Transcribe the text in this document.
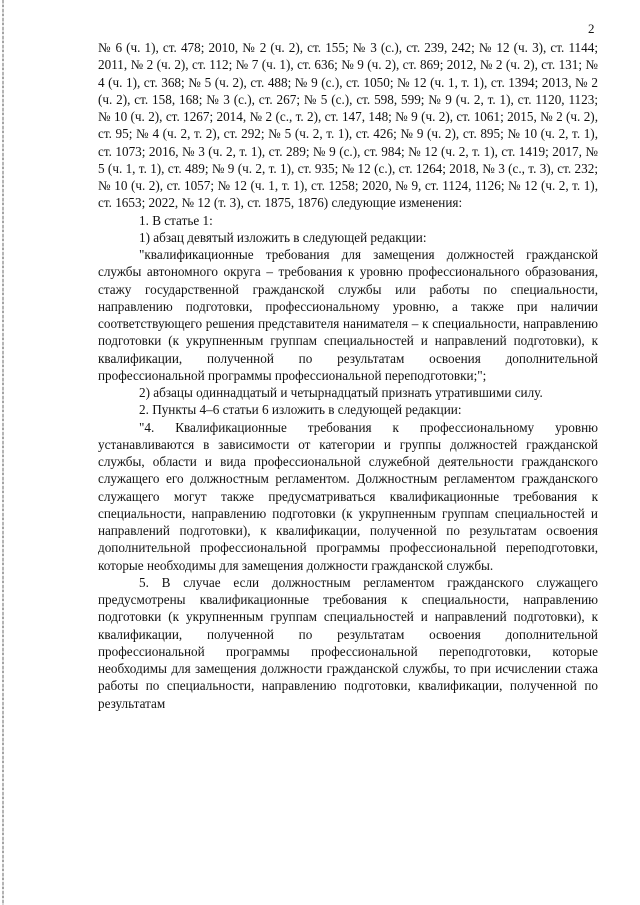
2

№ 6 (ч. 1), ст. 478; 2010, № 2 (ч. 2), ст. 155; № 3 (с.), ст. 239, 242; № 12 (ч. 3), ст. 1144; 2011, № 2 (ч. 2), ст. 112; № 7 (ч. 1), ст. 636; № 9 (ч. 2), ст. 869; 2012, № 2 (ч. 2), ст. 131; № 4 (ч. 1), ст. 368; № 5 (ч. 2), ст. 488; № 9 (с.), ст. 1050; № 12 (ч. 1, т. 1), ст. 1394; 2013, № 2 (ч. 2), ст. 158, 168; № 3 (с.), ст. 267; № 5 (с.), ст. 598, 599; № 9 (ч. 2, т. 1), ст. 1120, 1123; № 10 (ч. 2), ст. 1267; 2014, № 2 (с., т. 2), ст. 147, 148; № 9 (ч. 2), ст. 1061; 2015, № 2 (ч. 2), ст. 95; № 4 (ч. 2, т. 2), ст. 292; № 5 (ч. 2, т. 1), ст. 426; № 9 (ч. 2), ст. 895; № 10 (ч. 2, т. 1), ст. 1073; 2016, № 3 (ч. 2, т. 1), ст. 289; № 9 (с.), ст. 984; № 12 (ч. 2, т. 1), ст. 1419; 2017, № 5 (ч. 1, т. 1), ст. 489; № 9 (ч. 2, т. 1), ст. 935; № 12 (с.), ст. 1264; 2018, № 3 (с., т. 3), ст. 232; № 10 (ч. 2), ст. 1057; № 12 (ч. 1, т. 1), ст. 1258; 2020, № 9, ст. 1124, 1126; № 12 (ч. 2, т. 1), ст. 1653; 2022, № 12 (т. 3), ст. 1875, 1876) следующие изменения:

1. В статье 1:

1) абзац девятый изложить в следующей редакции:

"квалификационные требования для замещения должностей гражданской службы автономного округа – требования к уровню профессионального образования, стажу государственной гражданской службы или работы по специальности, направлению подготовки, профессиональному уровню, а также при наличии соответствующего решения представителя нанимателя – к специальности, направлению подготовки (к укрупненным группам специальностей и направлений подготовки), к квалификации, полученной по результатам освоения дополнительной профессиональной программы профессиональной переподготовки;";

2) абзацы одиннадцатый и четырнадцатый признать утратившими силу.

2. Пункты 4–6 статьи 6 изложить в следующей редакции:

"4. Квалификационные требования к профессиональному уровню устанавливаются в зависимости от категории и группы должностей гражданской службы, области и вида профессиональной служебной деятельности гражданского служащего его должностным регламентом. Должностным регламентом гражданского служащего могут также предусматриваться квалификационные требования к специальности, направлению подготовки (к укрупненным группам специальностей и направлений подготовки), к квалификации, полученной по результатам освоения дополнительной профессиональной программы профессиональной переподготовки, которые необходимы для замещения должности гражданской службы.

5. В случае если должностным регламентом гражданского служащего предусмотрены квалификационные требования к специальности, направлению подготовки (к укрупненным группам специальностей и направлений подготовки), к квалификации, полученной по результатам освоения дополнительной профессиональной программы профессиональной переподготовки, которые необходимы для замещения должности гражданской службы, то при исчислении стажа работы по специальности, направлению подготовки, квалификации, полученной по результатам
